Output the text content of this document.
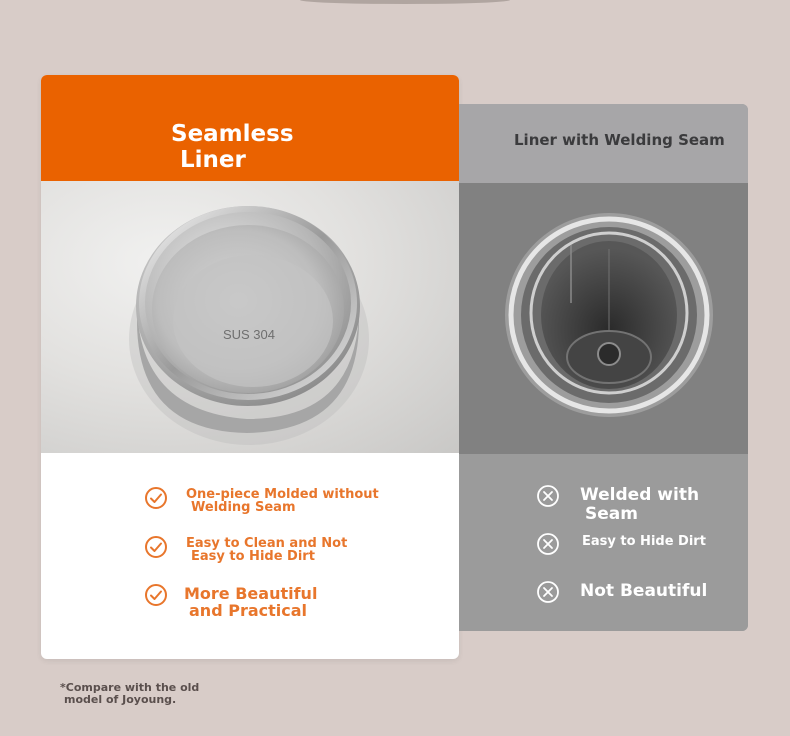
Seamless
Liner
SUS 304
One-piece Molded without
Welding Seam
Easy to Clean and Not
Easy to Hide Dirt
More Beautiful
and Practical
Liner with Welding Seam
Welded with
Seam
Easy to Hide Dirt
Not Beautiful
*Compare with the old
model of Joyoung.
